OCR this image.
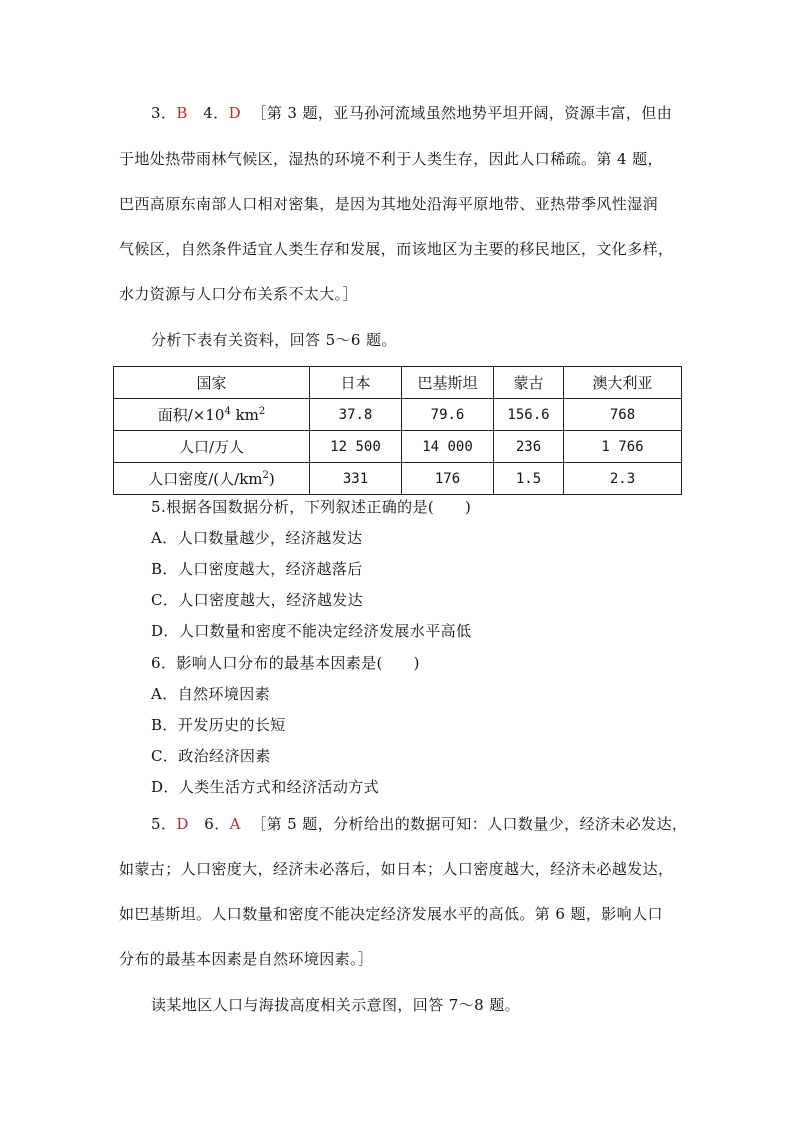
3．B 4．D ［第 3 题，亚马孙河流域虽然地势平坦开阔，资源丰富，但由
于地处热带雨林气候区，湿热的环境不利于人类生存，因此人口稀疏。第 4 题，
巴西高原东南部人口相对密集，是因为其地处沿海平原地带、亚热带季风性湿润
气候区，自然条件适宜人类生存和发展，而该地区为主要的移民地区，文化多样，
水力资源与人口分布关系不太大。］
分析下表有关资料，回答 5～6 题。
国家	日本	巴基斯坦	蒙古	澳大利亚
面积$/\times 10^4$ $km^2$	37.8	79.6	156.6	768
人口/万人	12 500	14 000	236	1 766
人口密度/(人$/km^2$)	331	176	1.5	2.3
5.根据各国数据分析，下列叙述正确的是(　　)
A．人口数量越少，经济越发达
B．人口密度越大，经济越落后
C．人口密度越大，经济越发达
D．人口数量和密度不能决定经济发展水平高低
6．影响人口分布的最基本因素是(　　)
A．自然环境因素
B．开发历史的长短
C．政治经济因素
D．人类生活方式和经济活动方式
5．D 6．A ［第 5 题，分析给出的数据可知：人口数量少，经济未必发达，
如蒙古；人口密度大，经济未必落后，如日本；人口密度越大，经济未必越发达，
如巴基斯坦。人口数量和密度不能决定经济发展水平的高低。第 6 题，影响人口
分布的最基本因素是自然环境因素。］
读某地区人口与海拔高度相关示意图，回答 7～8 题。
